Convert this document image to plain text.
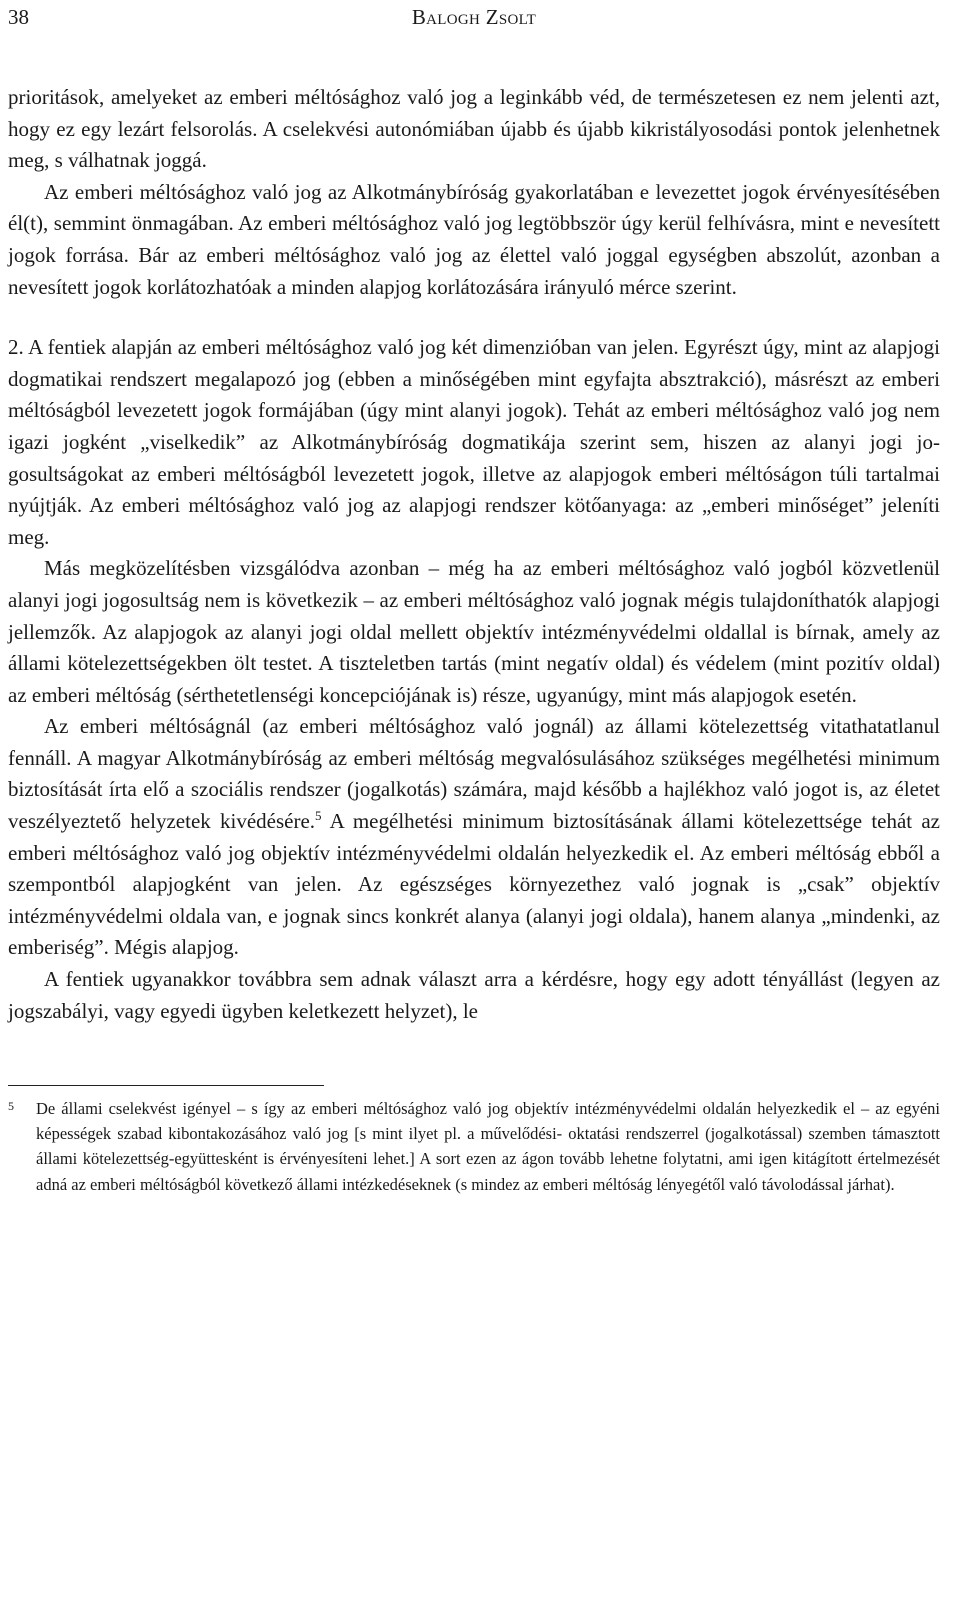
38	Balogh Zsolt

prioritások, amelyeket az emberi méltósághoz való jog a leginkább véd, de természetesen ez nem jelenti azt, hogy ez egy lezárt felsorolás. A cselekvési autonómiában újabb és újabb kikristályosodási pontok jelenhetnek meg, s válhatnak joggá.

Az emberi méltósághoz való jog az Alkotmánybíróság gyakorlatában e levezettet jogok érvényesítésében él(t), semmint önmagában. Az emberi méltósághoz való jog legtöbbször úgy kerül felhívásra, mint e nevesített jogok forrása. Bár az emberi méltósághoz való jog az élettel való joggal egységben abszolút, azonban a nevesített jogok korlátozhatóak a minden alapjog korlátozására irányuló mérce szerint.

2. A fentiek alapján az emberi méltósághoz való jog két dimenzióban van jelen. Egyrészt úgy, mint az alapjogi dogmatikai rendszert megalapozó jog (ebben a minőségében mint egyfajta absztrakció), másrészt az emberi méltóságból levezetett jogok formájában (úgy mint alanyi jogok). Tehát az emberi méltósághoz való jog nem igazi jogként „viselkedik” az Alkotmánybíróság dogmatikája szerint sem, hiszen az alanyi jogi jogosultságokat az emberi méltóságból levezetett jogok, illetve az alapjogok emberi méltóságon túli tartalmai nyújtják. Az emberi méltósághoz való jog az alapjogi rendszer kötőanyaga: az „emberi minőséget” jeleníti meg.

Más megközelítésben vizsgálódva azonban – még ha az emberi méltósághoz való jogból közvetlenül alanyi jogi jogosultság nem is következik – az emberi méltósághoz való jognak mégis tulajdoníthatók alapjogi jellemzők. Az alapjogok az alanyi jogi oldal mellett objektív intézményvédelmi oldallal is bírnak, amely az állami kötelezettségekben ölt testet. A tiszteletben tartás (mint negatív oldal) és védelem (mint pozitív oldal) az emberi méltóság (sérthetetlenségi koncepciójának is) része, ugyanúgy, mint más alapjogok esetén.

Az emberi méltóságnál (az emberi méltósághoz való jognál) az állami kötelezettség vitathatatlanul fennáll. A magyar Alkotmánybíróság az emberi méltóság megvalósulásához szükséges megélhetési minimum biztosítását írta elő a szociális rendszer (jogalkotás) számára, majd később a hajlékhoz való jogot is, az életet veszélyeztető helyzetek kivédésére.$^5$ A megélhetési minimum biztosításának állami kötelezettsége tehát az emberi méltósághoz való jog objektív intézményvédelmi oldalán helyezkedik el. Az emberi méltóság ebből a szempontból alapjogként van jelen. Az egészséges környezethez való jognak is „csak” objektív intézményvédelmi oldala van, e jognak sincs konkrét alanya (alanyi jogi oldala), hanem alanya „mindenki, az emberiség”. Mégis alapjog.

A fentiek ugyanakkor továbbra sem adnak választ arra a kérdésre, hogy egy adott tényállást (legyen az jogszabályi, vagy egyedi ügyben keletkezett helyzet), le

5 De állami cselekvést igényel – s így az emberi méltósághoz való jog objektív intézményvédelmi oldalán helyezkedik el – az egyéni képességek szabad kibontakozásához való jog [s mint ilyet pl. a művelődési- oktatási rendszerrel (jogalkotással) szemben támasztott állami kötelezettség-együttesként is érvényesíteni lehet.] A sort ezen az ágon tovább lehetne folytatni, ami igen kitágított értelmezését adná az emberi méltóságból következő állami intézkedéseknek (s mindez az emberi méltóság lényegétől való távolodással járhat).
